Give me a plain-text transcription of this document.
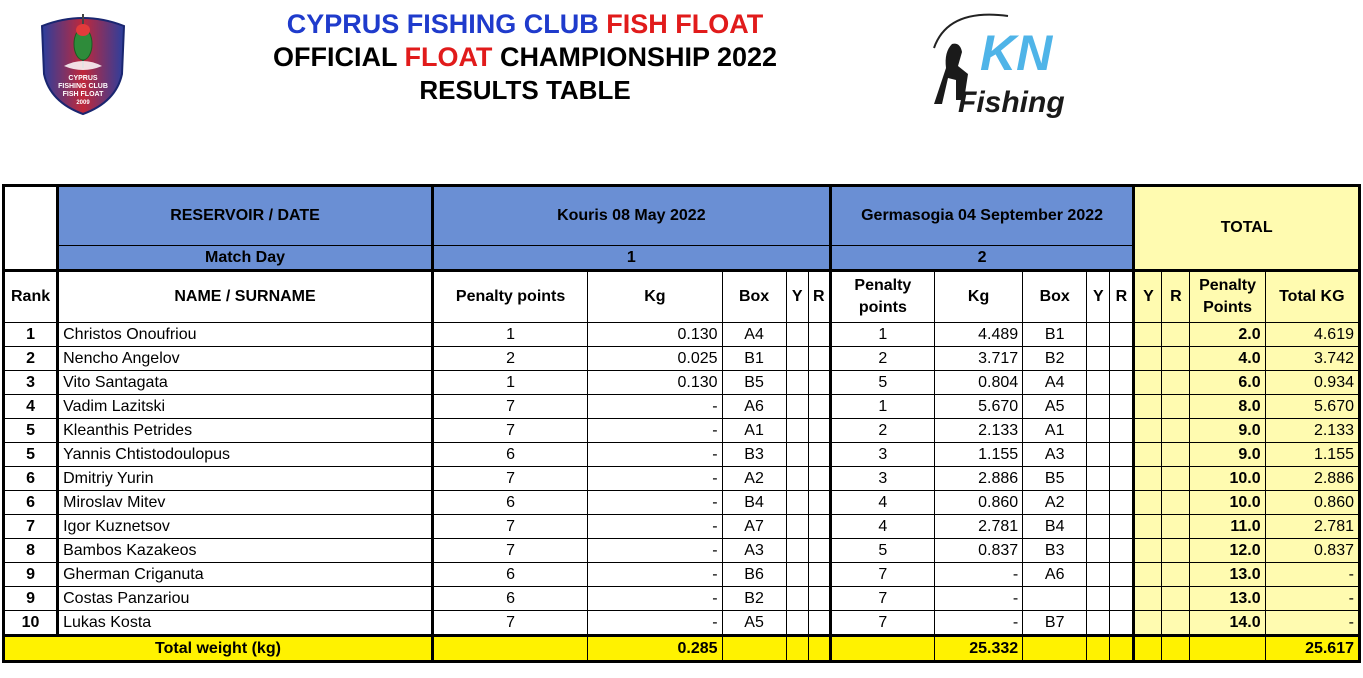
CYPRUS
FISHING CLUB
FISH FLOAT
2009
CYPRUS FISHING CLUB FISH FLOAT
OFFICIAL FLOAT CHAMPIONSHIP 2022
RESULTS TABLE
KN
Fishing
	RESERVOIR / DATE	Kouris 08 May 2022					Germasogia 04 September 2022					TOTAL			
	Match Day	1					2								
Rank	NAME / SURNAME	Penalty points	Kg	Box	Y	R	Penalty points	Kg	Box	Y	R	Y	R	Penalty Points	Total KG
1	Christos Onoufriou	1	0.130	A4			1	4.489	B1					2.0	4.619
2	Nencho Angelov	2	0.025	B1			2	3.717	B2					4.0	3.742
3	Vito Santagata	1	0.130	B5			5	0.804	A4					6.0	0.934
4	Vadim Lazitski	7	-	A6			1	5.670	A5					8.0	5.670
5	Kleanthis Petrides	7	-	A1			2	2.133	A1					9.0	2.133
5	Yannis Chtistodoulopus	6	-	B3			3	1.155	A3					9.0	1.155
6	Dmitriy Yurin	7	-	A2			3	2.886	B5					10.0	2.886
6	Miroslav Mitev	6	-	B4			4	0.860	A2					10.0	0.860
7	Igor Kuznetsov	7	-	A7			4	2.781	B4					11.0	2.781
8	Bambos Kazakeos	7	-	A3			5	0.837	B3					12.0	0.837
9	Gherman Criganuta	6	-	B6			7	-	A6					13.0	-
9	Costas Panzariou	6	-	B2			7	-						13.0	-
10	Lukas Kosta	7	-	A5			7	-	B7					14.0	-
Total weight (kg)			0.285					25.332							25.617
